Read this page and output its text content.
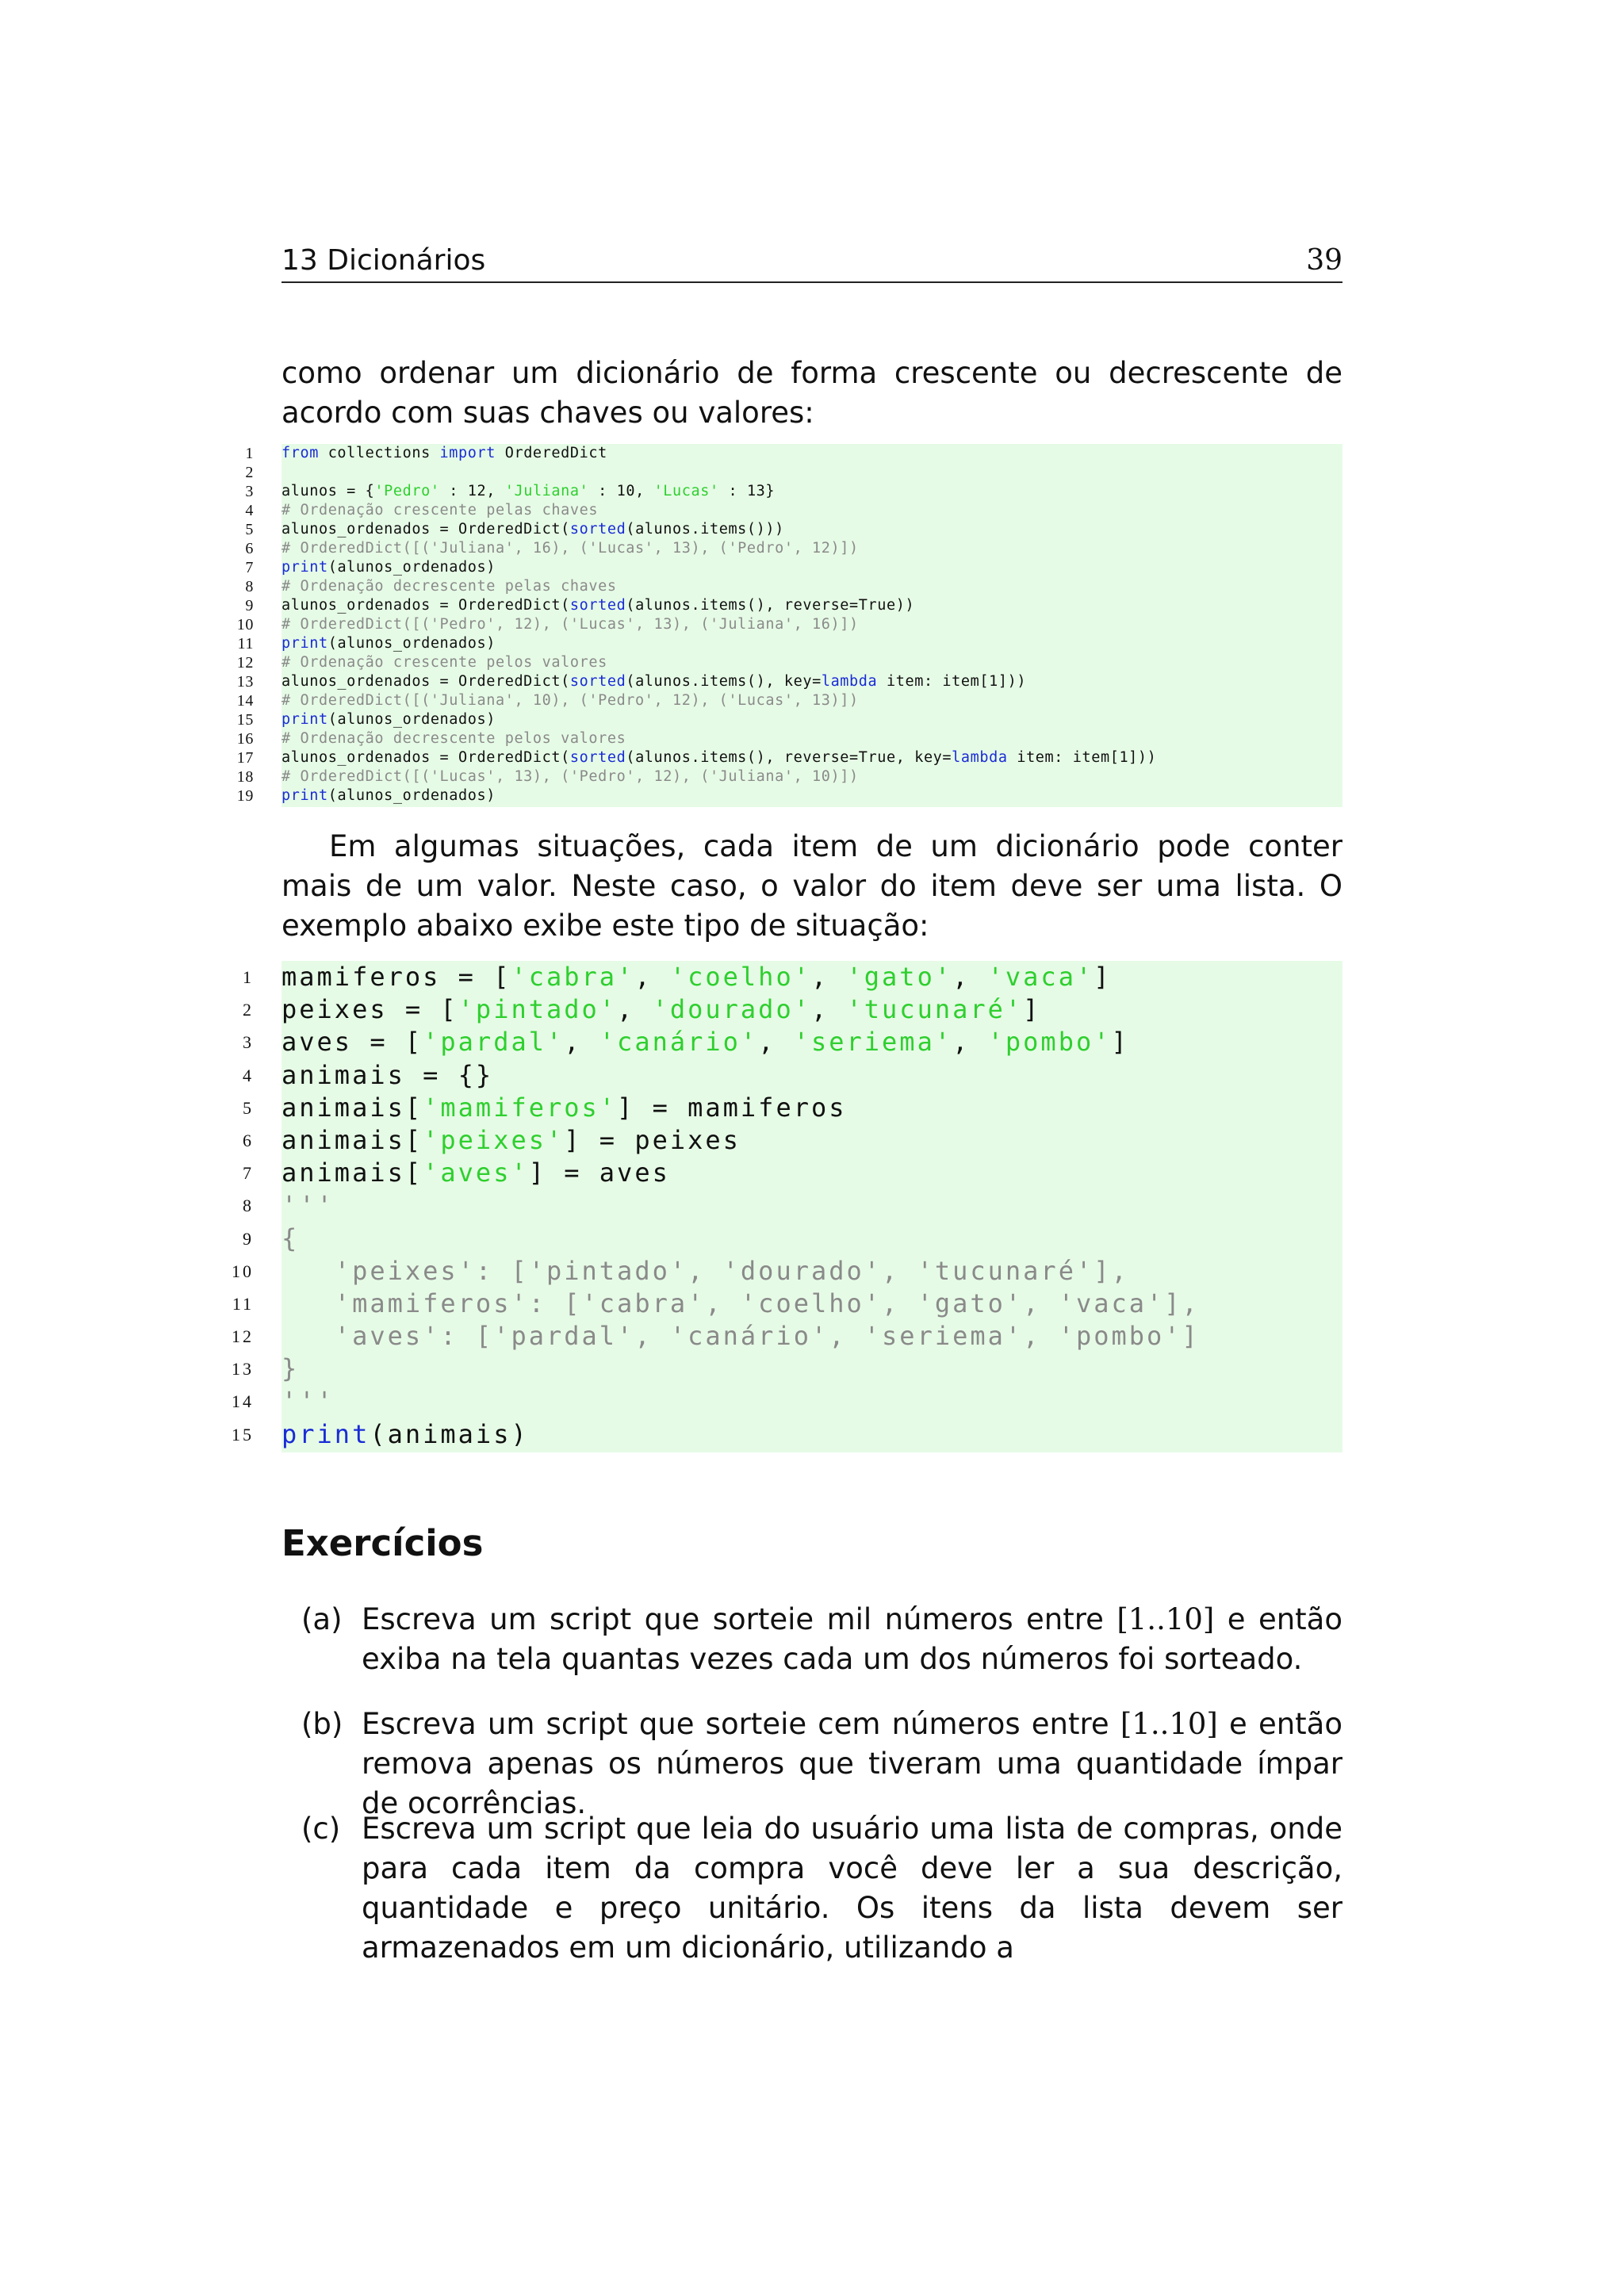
13 Dicionários	39
como ordenar um dicionário de forma crescente ou decrescente de acordo com suas chaves ou valores:
1 from collections import OrderedDict
2
3 alunos = {'Pedro' : 12, 'Juliana' : 10, 'Lucas' : 13}
4 # Ordenação crescente pelas chaves
5 alunos_ordenados = OrderedDict(sorted(alunos.items()))
6 # OrderedDict([('Juliana', 16), ('Lucas', 13), ('Pedro', 12)])
7 print(alunos_ordenados)
8 # Ordenação decrescente pelas chaves
9 alunos_ordenados = OrderedDict(sorted(alunos.items(), reverse=True))
10 # OrderedDict([('Pedro', 12), ('Lucas', 13), ('Juliana', 16)])
11 print(alunos_ordenados)
12 # Ordenação crescente pelos valores
13 alunos_ordenados = OrderedDict(sorted(alunos.items(), key=lambda item: item[1]))
14 # OrderedDict([('Juliana', 10), ('Pedro', 12), ('Lucas', 13)])
15 print(alunos_ordenados)
16 # Ordenação decrescente pelos valores
17 alunos_ordenados = OrderedDict(sorted(alunos.items(), reverse=True, key=lambda item: item[1]))
18 # OrderedDict([('Lucas', 13), ('Pedro', 12), ('Juliana', 10)])
19 print(alunos_ordenados)
Em algumas situações, cada item de um dicionário pode conter mais de um valor. Neste caso, o valor do item deve ser uma lista. O exemplo abaixo exibe este tipo de situação:
1 mamiferos = ['cabra', 'coelho', 'gato', 'vaca']
2 peixes = ['pintado', 'dourado', 'tucunaré']
3 aves = ['pardal', 'canário', 'seriema', 'pombo']
4 animais = {}
5 animais['mamiferos'] = mamiferos
6 animais['peixes'] = peixes
7 animais['aves'] = aves
8 '''
9 {
10 'peixes': ['pintado', 'dourado', 'tucunaré'],
11 'mamiferos': ['cabra', 'coelho', 'gato', 'vaca'],
12 'aves': ['pardal', 'canário', 'seriema', 'pombo']
13 }
14 '''
15 print(animais)
Exercícios
(a) Escreva um script que sorteie mil números entre [1..10] e então exiba na tela quantas vezes cada um dos números foi sorteado.
(b) Escreva um script que sorteie cem números entre [1..10] e então remova apenas os números que tiveram uma quantidade ímpar de ocorrências.
(c) Escreva um script que leia do usuário uma lista de compras, onde para cada item da compra você deve ler a sua descrição, quantidade e preço unitário. Os itens da lista devem ser armazenados em um dicionário, utilizando a
